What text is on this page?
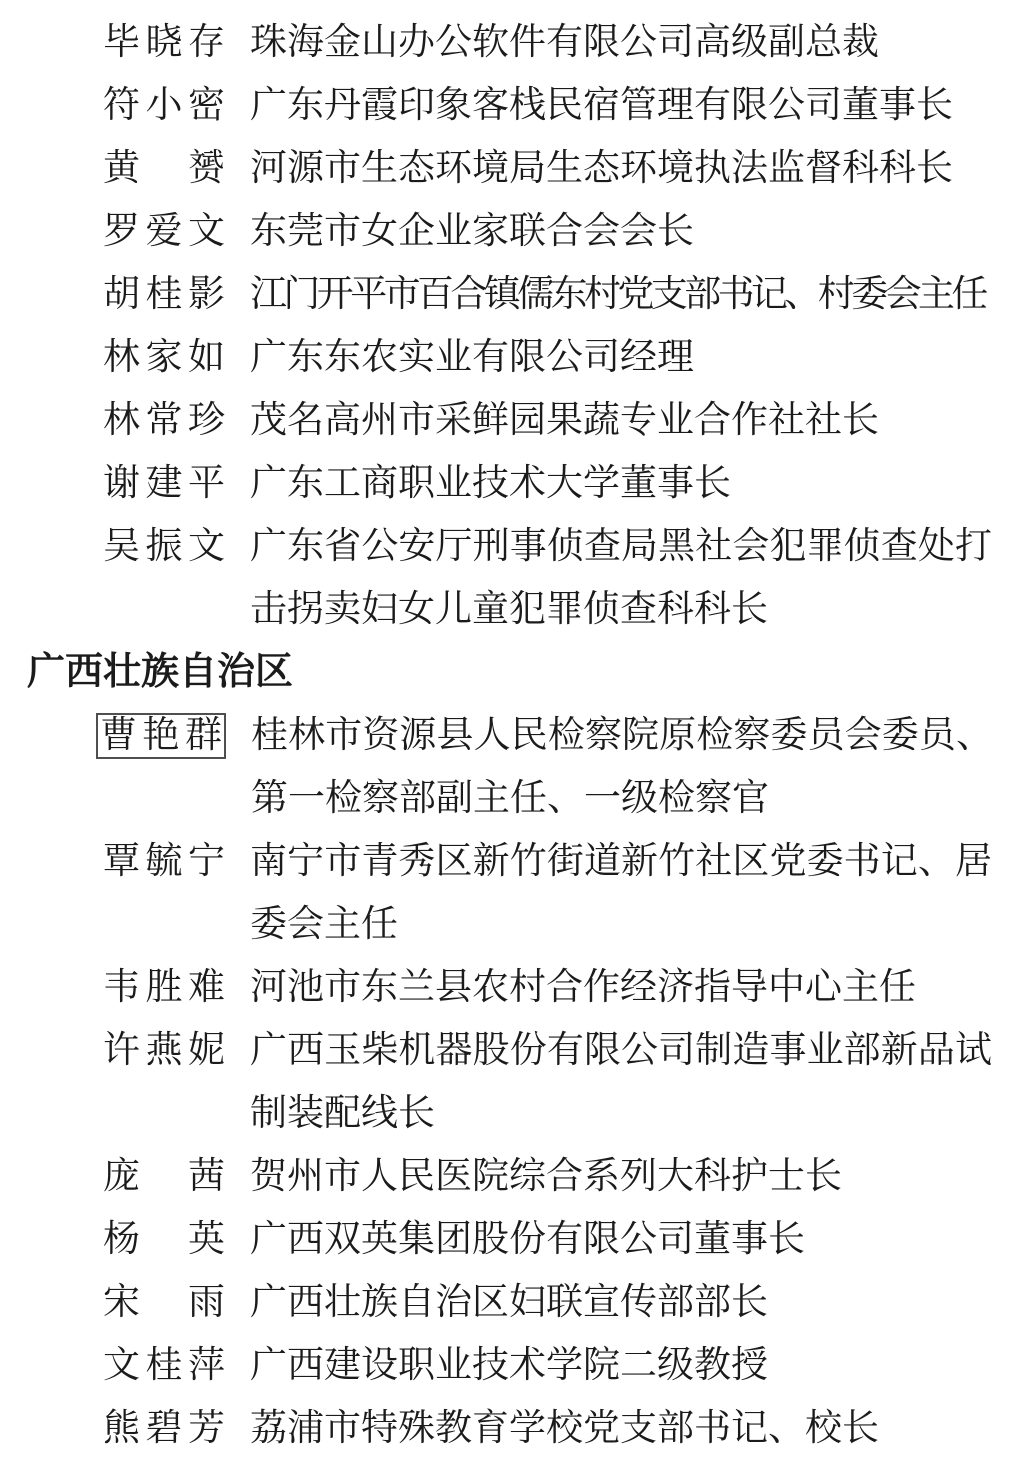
毕晓存 珠海金山办公软件有限公司高级副总裁
符小密 广东丹霞印象客栈民宿管理有限公司董事长
黄赟 河源市生态环境局生态环境执法监督科科长
罗爱文 东莞市女企业家联合会会长
胡桂影 江门开平市百合镇儒东村党支部书记、村委会主任
林家如 广东东农实业有限公司经理
林常珍 茂名高州市采鲜园果蔬专业合作社社长
谢建平 广东工商职业技术大学董事长
吴振文 广东省公安厅刑事侦查局黑社会犯罪侦查处打击拐卖妇女儿童犯罪侦查科科长
广西壮族自治区
曹艳群 桂林市资源县人民检察院原检察委员会委员、第一检察部副主任、一级检察官
覃毓宁 南宁市青秀区新竹街道新竹社区党委书记、居委会主任
韦胜难 河池市东兰县农村合作经济指导中心主任
许燕妮 广西玉柴机器股份有限公司制造事业部新品试制装配线长
庞茜 贺州市人民医院综合系列大科护士长
杨英 广西双英集团股份有限公司董事长
宋雨 广西壮族自治区妇联宣传部部长
文桂萍 广西建设职业技术学院二级教授
熊碧芳 荔浦市特殊教育学校党支部书记、校长
